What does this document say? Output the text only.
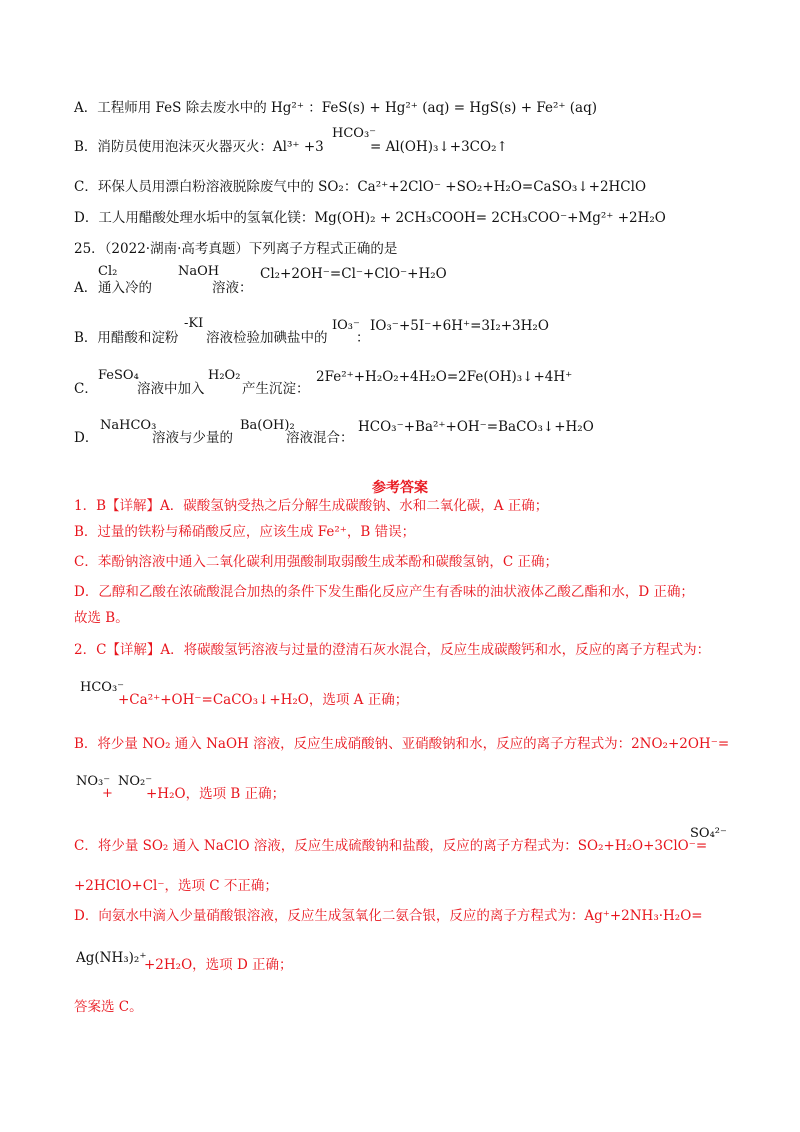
A．工程师用 FeS 除去废水中的 Hg²⁺ ：FeS(s) + Hg²⁺ (aq) = HgS(s) + Fe²⁺ (aq)
B．消防员使用泡沫灭火器灭火：Al³⁺ +3
HCO₃⁻
= Al(OH)₃↓+3CO₂↑
C．环保人员用漂白粉溶液脱除废气中的 SO₂：Ca²⁺+2ClO⁻ +SO₂+H₂O=CaSO₃↓+2HClO
D．工人用醋酸处理水垢中的氢氧化镁：Mg(OH)₂ + 2CH₃COOH= 2CH₃COO⁻+Mg²⁺ +2H₂O
25．（2022·湖南·高考真题）下列离子方程式正确的是
A．
Cl₂
通入冷的
NaOH
溶液：
Cl₂+2OH⁻=Cl⁻+ClO⁻+H₂O
B．用醋酸和淀粉
-KI
溶液检验加碘盐中的
IO₃⁻
：
IO₃⁻+5I⁻+6H⁺=3I₂+3H₂O
C．
FeSO₄
溶液中加入
H₂O₂
产生沉淀：
2Fe²⁺+H₂O₂+4H₂O=2Fe(OH)₃↓+4H⁺
D．
NaHCO₃
溶液与少量的
Ba(OH)₂
溶液混合：
HCO₃⁻+Ba²⁺+OH⁻=BaCO₃↓+H₂O
参考答案
1．B【详解】A．碳酸氢钠受热之后分解生成碳酸钠、水和二氧化碳，A 正确；
B．过量的铁粉与稀硝酸反应，应该生成 Fe²⁺，B 错误；
C．苯酚钠溶液中通入二氧化碳利用强酸制取弱酸生成苯酚和碳酸氢钠，C 正确；
D．乙醇和乙酸在浓硫酸混合加热的条件下发生酯化反应产生有香味的油状液体乙酸乙酯和水，D 正确；
故选 B。
2．C【详解】A．将碳酸氢钙溶液与过量的澄清石灰水混合，反应生成碳酸钙和水，反应的离子方程式为：
HCO₃⁻
+Ca²⁺+OH⁻=CaCO₃↓+H₂O，选项 A 正确；
B．将少量 NO₂ 通入 NaOH 溶液，反应生成硝酸钠、亚硝酸钠和水，反应的离子方程式为：2NO₂+2OH⁻=
NO₃⁻
+
NO₂⁻
+H₂O，选项 B 正确；
C．将少量 SO₂ 通入 NaClO 溶液，反应生成硫酸钠和盐酸，反应的离子方程式为：SO₂+H₂O+3ClO⁻=
SO₄²⁻
+2HClO+Cl⁻，选项 C 不正确；
D．向氨水中滴入少量硝酸银溶液，反应生成氢氧化二氨合银，反应的离子方程式为：Ag⁺+2NH₃·H₂O=
Ag(NH₃)₂⁺
+2H₂O，选项 D 正确；
答案选 C。
